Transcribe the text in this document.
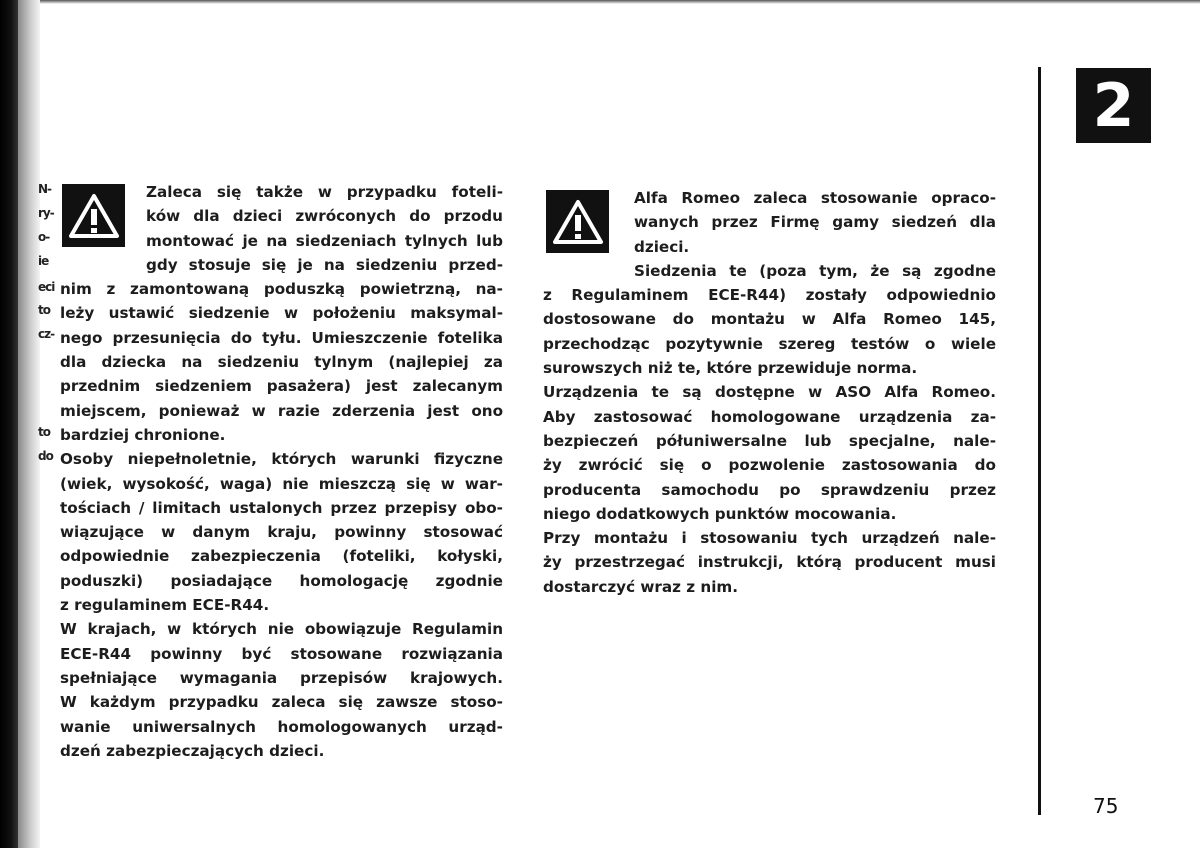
N-
ry-
o-
ie
eci
to
cz-
to
do
2
75

Zaleca się także w przypadku foteli-

ków dla dzieci zwróconych do przodu

montować je na siedzeniach tylnych lub

gdy stosuje się je na siedzeniu przed-

nim z zamontowaną poduszką powietrzną, na-

leży ustawić siedzenie w położeniu maksymal-

nego przesunięcia do tyłu. Umieszczenie fotelika

dla dziecka na siedzeniu tylnym (najlepiej za

przednim siedzeniem pasażera) jest zalecanym

miejscem, ponieważ w razie zderzenia jest ono

bardziej chronione.

Osoby niepełnoletnie, których warunki fizyczne

(wiek, wysokość, waga) nie mieszczą się w war-

tościach / limitach ustalonych przez przepisy obo-

wiązujące w danym kraju, powinny stosować

odpowiednie zabezpieczenia (foteliki, kołyski,

poduszki) posiadające homologację zgodnie

z regulaminem ECE-R44.

W krajach, w których nie obowiązuje Regulamin

ECE-R44 powinny być stosowane rozwiązania

spełniające wymagania przepisów krajowych.

W każdym przypadku zaleca się zawsze stoso-

wanie uniwersalnych homologowanych urząd-

dzeń zabezpieczających dzieci.

Alfa Romeo zaleca stosowanie opraco-

wanych przez Firmę gamy siedzeń dla

dzieci.

Siedzenia te (poza tym, że są zgodne

z Regulaminem ECE-R44) zostały odpowiednio

dostosowane do montażu w Alfa Romeo 145,

przechodząc pozytywnie szereg testów o wiele

surowszych niż te, które przewiduje norma.

Urządzenia te są dostępne w ASO Alfa Romeo.

Aby zastosować homologowane urządzenia za-

bezpieczeń półuniwersalne lub specjalne, nale-

ży zwrócić się o pozwolenie zastosowania do

producenta samochodu po sprawdzeniu przez

niego dodatkowych punktów mocowania.

Przy montażu i stosowaniu tych urządzeń nale-

ży przestrzegać instrukcji, którą producent musi

dostarczyć wraz z nim.
